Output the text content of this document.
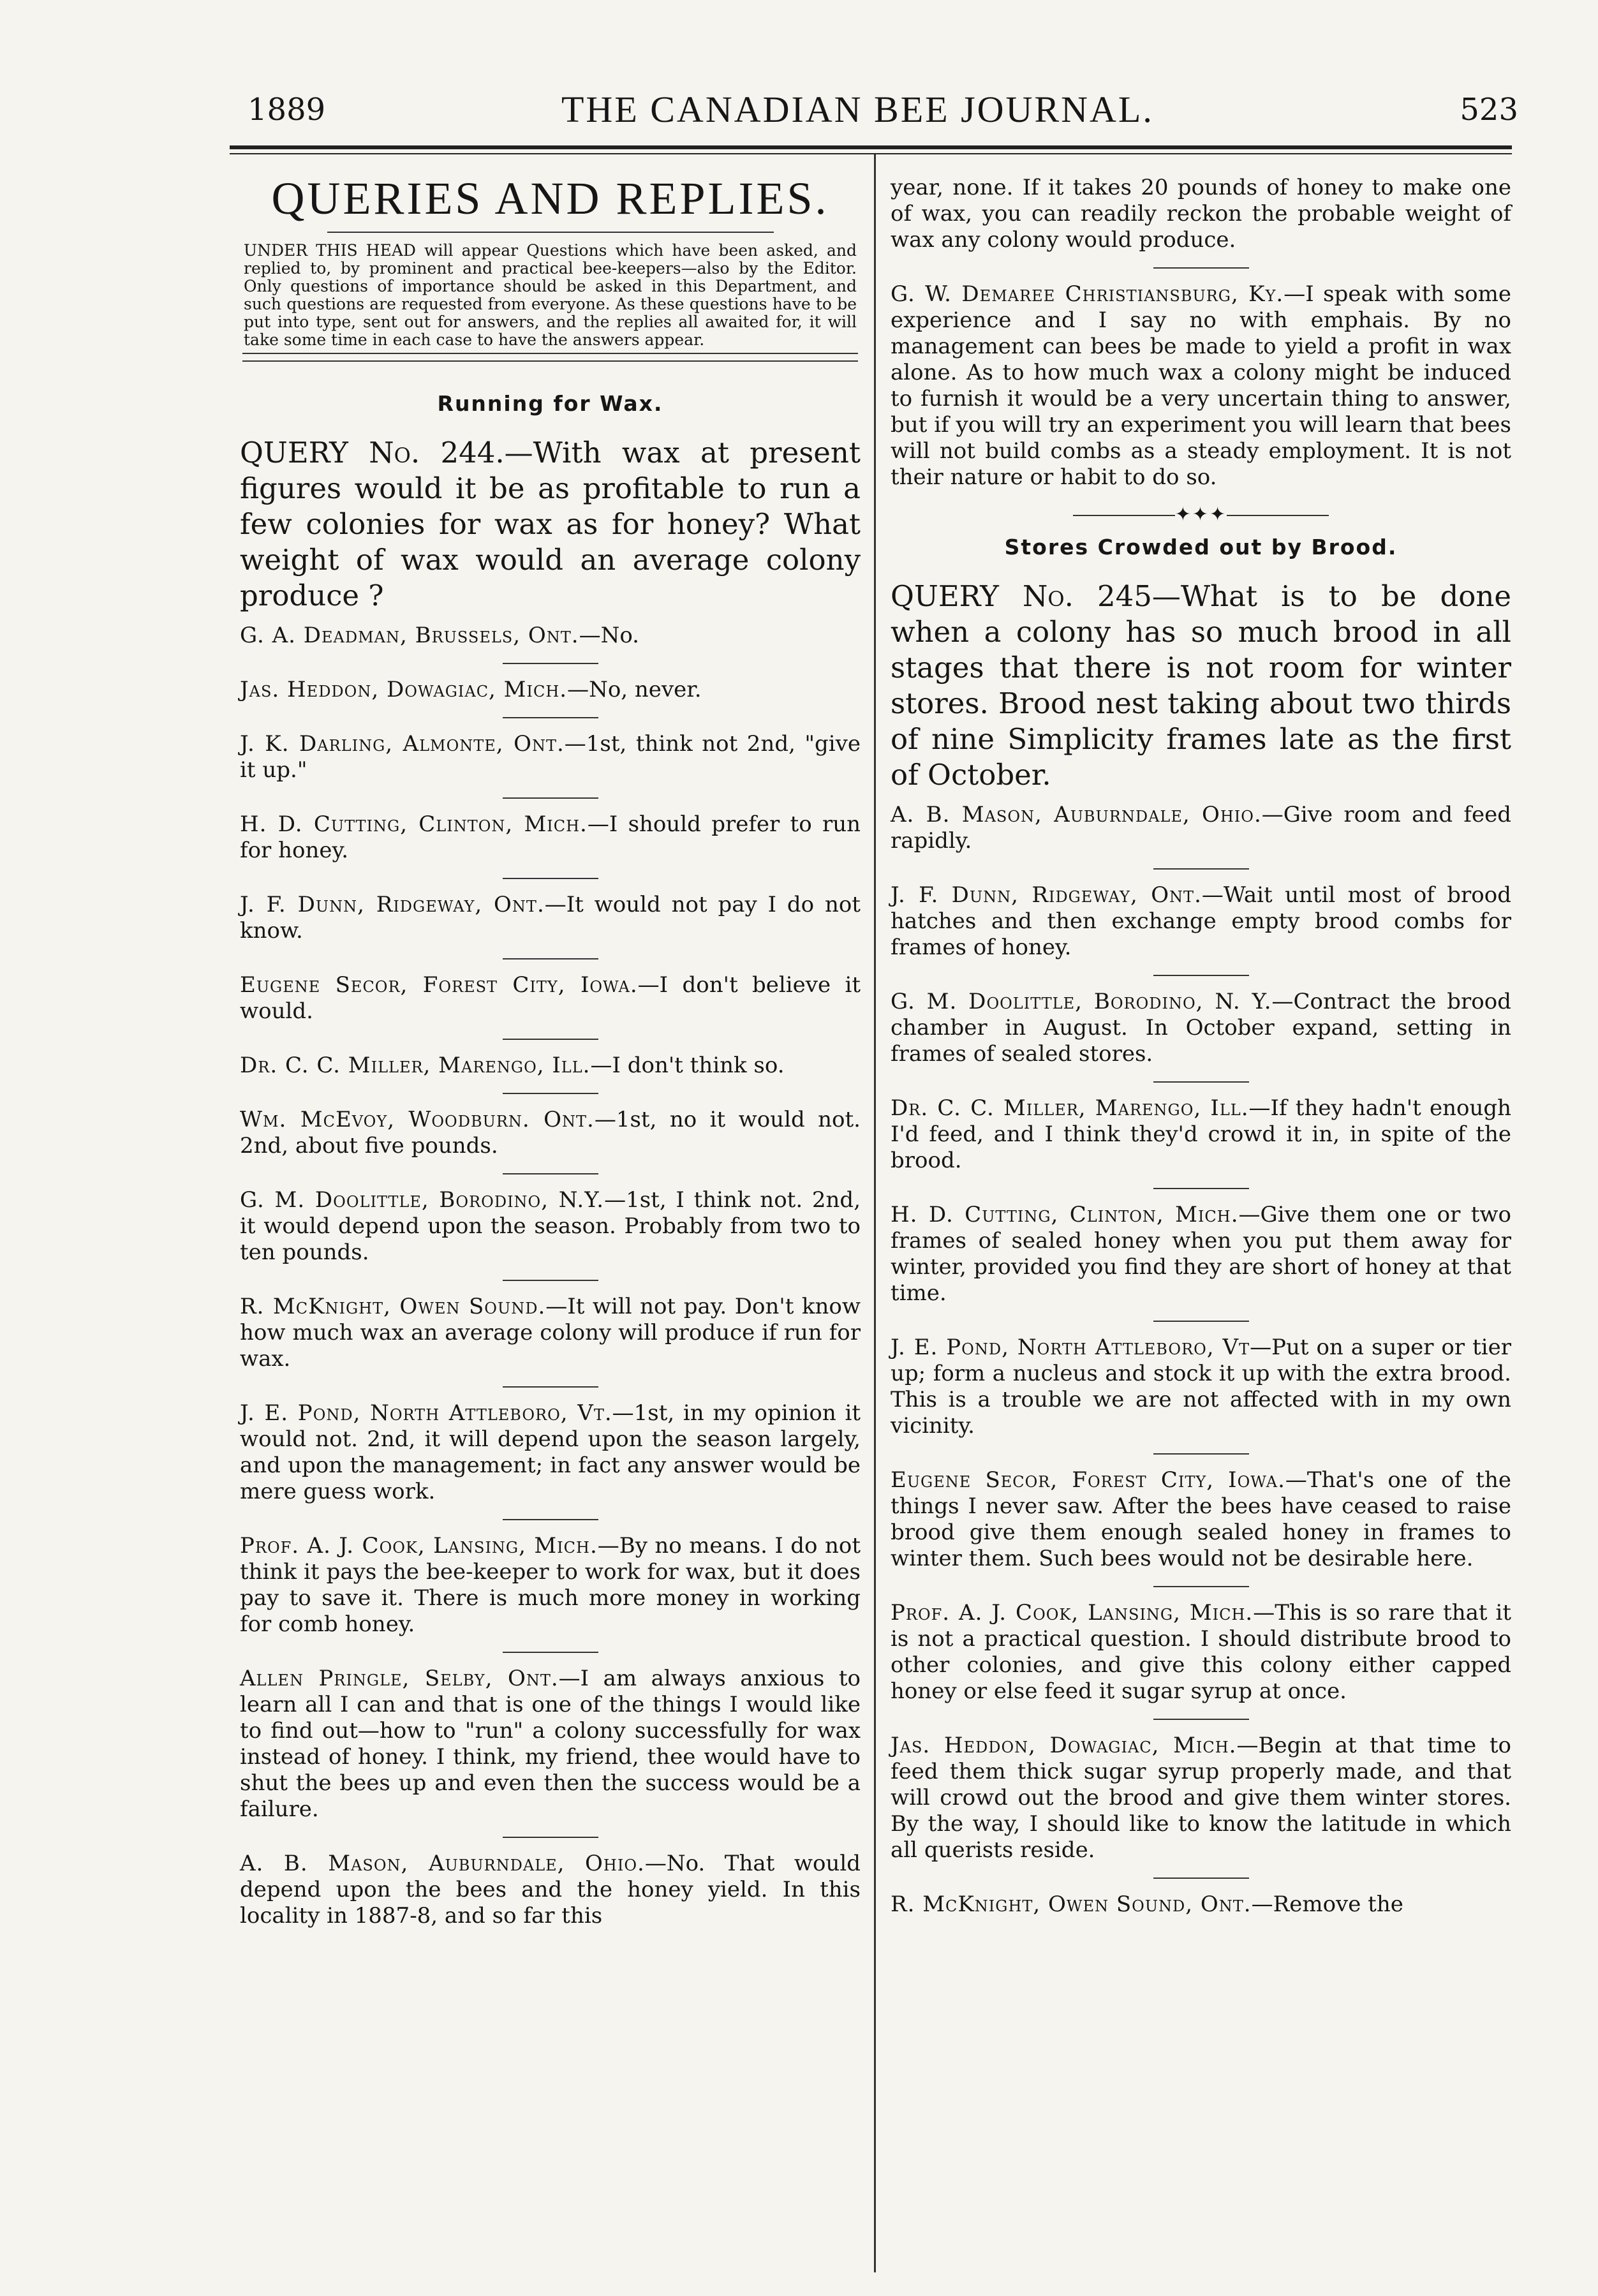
1889	THE CANADIAN BEE JOURNAL.	523
QUERIES AND REPLIES.
UNDER THIS HEAD will appear Questions which have been asked, and replied to, by prominent and practical bee-keepers—also by the Editor. Only questions of importance should be asked in this Department, and such questions are requested from everyone. As these questions have to be put into type, sent out for answers, and the replies all awaited for, it will take some time in each case to have the answers appear.
Running for Wax.
QUERY No. 244.—With wax at present figures would it be as profitable to run a few colonies for wax as for honey? What weight of wax would an average colony produce ?

G. A. Deadman, Brussels, Ont.—No.

Jas. Heddon, Dowagiac, Mich.—No, never.

J. K. Darling, Almonte, Ont.—1st, think not 2nd, "give it up."

H. D. Cutting, Clinton, Mich.—I should prefer to run for honey.

J. F. Dunn, Ridgeway, Ont.—It would not pay I do not know.

Eugene Secor, Forest City, Iowa.—I don't believe it would.

Dr. C. C. Miller, Marengo, Ill.—I don't think so.

Wm. McEvoy, Woodburn. Ont.—1st, no it would not. 2nd, about five pounds.

G. M. Doolittle, Borodino, N.Y.—1st, I think not. 2nd, it would depend upon the season. Probably from two to ten pounds.

R. McKnight, Owen Sound.—It will not pay. Don't know how much wax an average colony will produce if run for wax.

J. E. Pond, North Attleboro, Vt.—1st, in my opinion it would not. 2nd, it will depend upon the season largely, and upon the management; in fact any answer would be mere guess work.

Prof. A. J. Cook, Lansing, Mich.—By no means. I do not think it pays the bee-keeper to work for wax, but it does pay to save it. There is much more money in working for comb honey.

Allen Pringle, Selby, Ont.—I am always anxious to learn all I can and that is one of the things I would like to find out—how to "run" a colony successfully for wax instead of honey. I think, my friend, thee would have to shut the bees up and even then the success would be a failure.

A. B. Mason, Auburndale, Ohio.—No. That would depend upon the bees and the honey yield. In this locality in 1887-8, and so far this

year, none. If it takes 20 pounds of honey to make one of wax, you can readily reckon the probable weight of wax any colony would produce.

G. W. Demaree Christiansburg, Ky.—I speak with some experience and I say no with emphais. By no management can bees be made to yield a profit in wax alone. As to how much wax a colony might be induced to furnish it would be a very uncertain thing to answer, but if you will try an experiment you will learn that bees will not build combs as a steady employment. It is not their nature or habit to do so.

✦✦✦
Stores Crowded out by Brood.
QUERY No. 245—What is to be done when a colony has so much brood in all stages that there is not room for winter stores. Brood nest taking about two thirds of nine Simplicity frames late as the first of October.

A. B. Mason, Auburndale, Ohio.—Give room and feed rapidly.

J. F. Dunn, Ridgeway, Ont.—Wait until most of brood hatches and then exchange empty brood combs for frames of honey.

G. M. Doolittle, Borodino, N. Y.—Contract the brood chamber in August. In October expand, setting in frames of sealed stores.

Dr. C. C. Miller, Marengo, Ill.—If they hadn't enough I'd feed, and I think they'd crowd it in, in spite of the brood.

H. D. Cutting, Clinton, Mich.—Give them one or two frames of sealed honey when you put them away for winter, provided you find they are short of honey at that time.

J. E. Pond, North Attleboro, Vt—Put on a super or tier up; form a nucleus and stock it up with the extra brood. This is a trouble we are not affected with in my own vicinity.

Eugene Secor, Forest City, Iowa.—That's one of the things I never saw. After the bees have ceased to raise brood give them enough sealed honey in frames to winter them. Such bees would not be desirable here.

Prof. A. J. Cook, Lansing, Mich.—This is so rare that it is not a practical question. I should distribute brood to other colonies, and give this colony either capped honey or else feed it sugar syrup at once.

Jas. Heddon, Dowagiac, Mich.—Begin at that time to feed them thick sugar syrup properly made, and that will crowd out the brood and give them winter stores. By the way, I should like to know the latitude in which all querists reside.

R. McKnight, Owen Sound, Ont.—Remove the
